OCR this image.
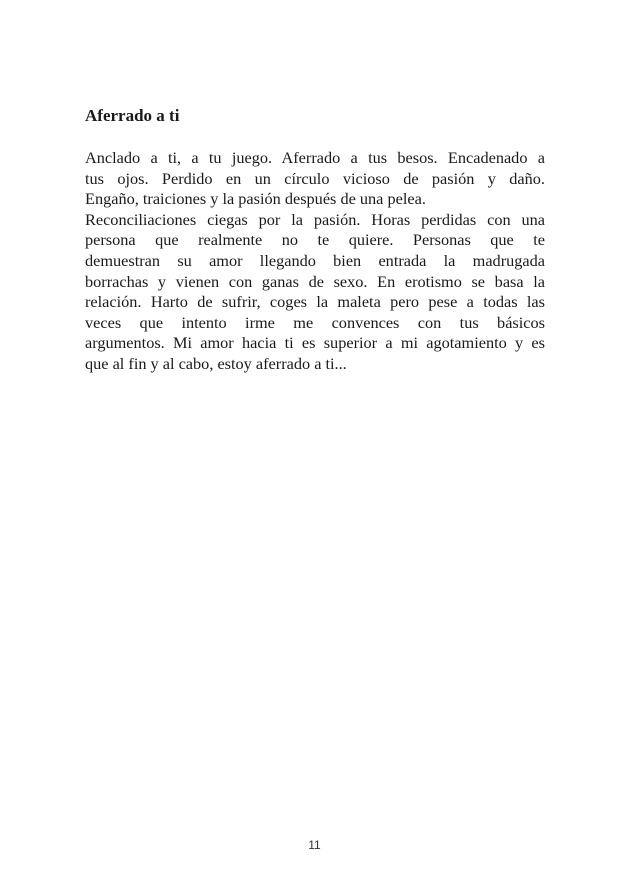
Aferrado a ti
Anclado a ti, a tu juego. Aferrado a tus besos. Encadenado a
tus ojos. Perdido en un círculo vicioso de pasión y daño.
Engaño, traiciones y la pasión después de una pelea.
Reconciliaciones ciegas por la pasión. Horas perdidas con una
persona que realmente no te quiere. Personas que te
demuestran su amor llegando bien entrada la madrugada
borrachas y vienen con ganas de sexo. En erotismo se basa la
relación. Harto de sufrir, coges la maleta pero pese a todas las
veces que intento irme me convences con tus básicos
argumentos. Mi amor hacia ti es superior a mi agotamiento y es
que al fin y al cabo, estoy aferrado a ti...
11
